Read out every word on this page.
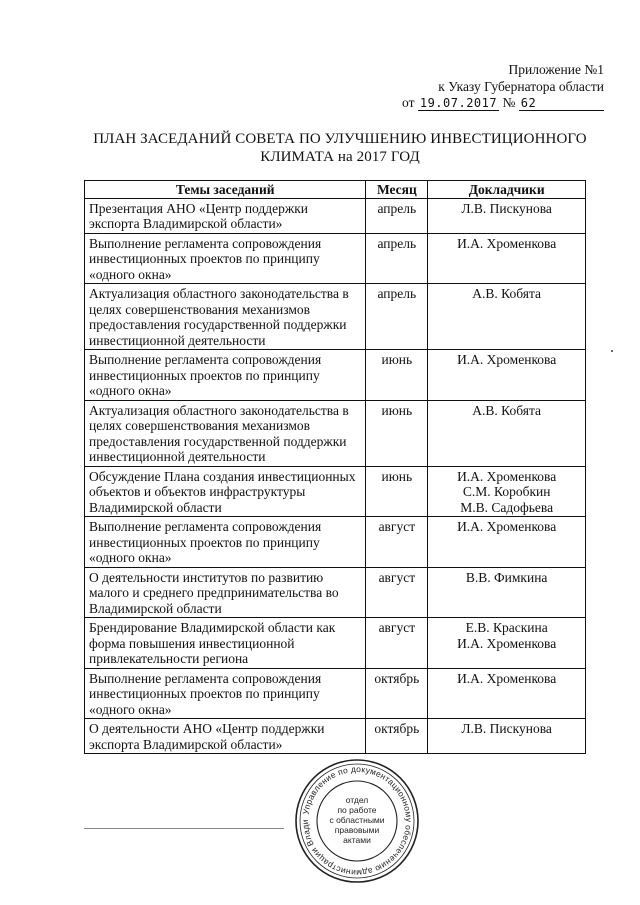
Приложение №1
к Указу Губернатора области
от 19.07.2017 № 62
ПЛАН ЗАСЕДАНИЙ СОВЕТА ПО УЛУЧШЕНИЮ ИНВЕСТИЦИОННОГО
КЛИМАТА на 2017 ГОД
Темы заседаний	Месяц	Докладчики
Презентация АНО «Центр поддержки экспорта Владимирской области»	апрель	Л.В. Пискунова

Выполнение регламента сопровождения инвестиционных проектов по принципу «одного окна»	апрель	И.А. Хроменкова

Актуализация областного законодательства в целях совершенствования механизмов предоставления государственной поддержки инвестиционной деятельности	апрель	А.В. Кобята

Выполнение регламента сопровождения инвестиционных проектов по принципу «одного окна»	июнь	И.А. Хроменкова

Актуализация областного законодательства в целях совершенствования механизмов предоставления государственной поддержки инвестиционной деятельности	июнь	А.В. Кобята

Обсуждение Плана создания инвестиционных объектов и объектов инфраструктуры Владимирской области	июнь	И.А. Хроменкова
С.М. Коробкин
М.В. Садофьева

Выполнение регламента сопровождения инвестиционных проектов по принципу «одного окна»	август	И.А. Хроменкова

О деятельности институтов по развитию малого и среднего предпринимательства во Владимирской области	август	В.В. Фимкина

Брендирование Владимирской области как форма повышения инвестиционной привлекательности региона	август	Е.В. Краскина
И.А. Хроменкова

Выполнение регламента сопровождения инвестиционных проектов по принципу «одного окна»	октябрь	И.А. Хроменкова

О деятельности АНО «Центр поддержки экспорта Владимирской области»	октябрь	Л.В. Пискунова
Управление по документационному обеспечению администрации Влади
отдел
по работе
с областными
правовыми
актами
